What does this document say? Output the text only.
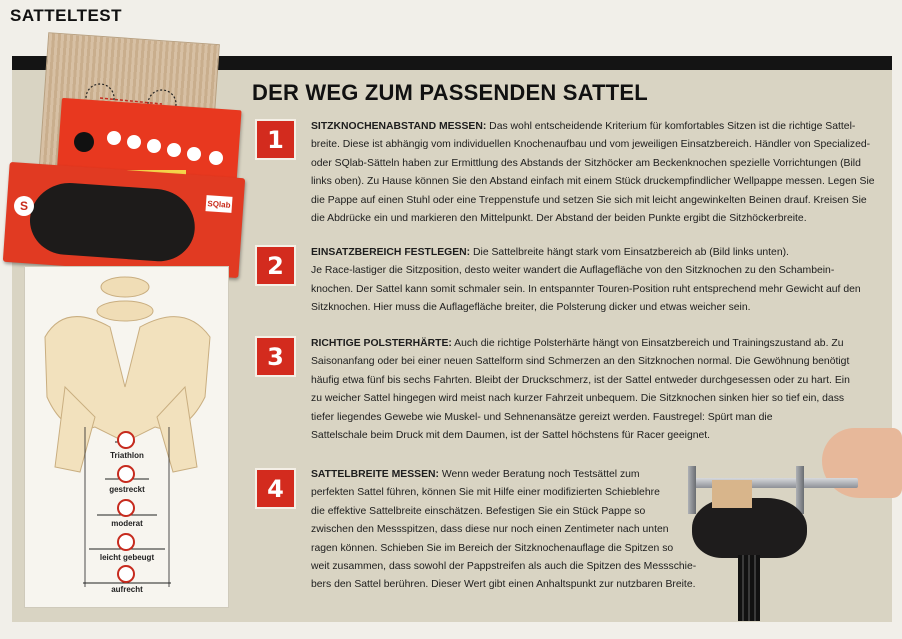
SATTELTEST
S	SQlab
Triathlon
gestreckt
moderat
leicht gebeugt
aufrecht
DER WEG ZUM PASSENDEN SATTEL
1	SITZKNOCHENABSTAND MESSEN: Das wohl entscheidende Kriterium für komfortables Sitzen ist die richtige Sattel-
breite. Diese ist abhängig vom individuellen Knochenaufbau und vom jeweiligen Einsatzbereich. Händler von Specialized-
oder SQlab-Sätteln haben zur Ermittlung des Abstands der Sitzhöcker am Beckenknochen spezielle Vorrichtungen (Bild
links oben). Zu Hause können Sie den Abstand einfach mit einem Stück druckempfindlicher Wellpappe messen. Legen Sie
die Pappe auf einen Stuhl oder eine Treppenstufe und setzen Sie sich mit leicht angewinkelten Beinen drauf. Kreisen Sie
die Abdrücke ein und markieren den Mittelpunkt. Der Abstand der beiden Punkte ergibt die Sitzhöckerbreite.
2	EINSATZBEREICH FESTLEGEN: Die Sattelbreite hängt stark vom Einsatzbereich ab (Bild links unten).
Je Race-lastiger die Sitzposition, desto weiter wandert die Auflagefläche von den Sitzknochen zu den Schambein-
knochen. Der Sattel kann somit schmaler sein. In entspannter Touren-Position ruht entsprechend mehr Gewicht auf den
Sitzknochen. Hier muss die Auflagefläche breiter, die Polsterung dicker und etwas weicher sein.
3	RICHTIGE POLSTERHÄRTE: Auch die richtige Polsterhärte hängt von Einsatzbereich und Trainingszustand ab. Zu
Saisonanfang oder bei einer neuen Sattelform sind Schmerzen an den Sitzknochen normal. Die Gewöhnung benötigt
häufig etwa fünf bis sechs Fahrten. Bleibt der Druckschmerz, ist der Sattel entweder durchgesessen oder zu hart. Ein
zu weicher Sattel hingegen wird meist nach kurzer Fahrzeit unbequem. Die Sitzknochen sinken hier so tief ein, dass
tiefer liegendes Gewebe wie Muskel- und Sehnenansätze gereizt werden. Faustregel: Spürt man die
Sattelschale beim Druck mit dem Daumen, ist der Sattel höchstens für Racer geeignet.
4	SATTELBREITE MESSEN: Wenn weder Beratung noch Testsättel zum
perfekten Sattel führen, können Sie mit Hilfe einer modifizierten Schieblehre
die effektive Sattelbreite einschätzen. Befestigen Sie ein Stück Pappe so
zwischen den Messspitzen, dass diese nur noch einen Zentimeter nach unten
ragen können. Schieben Sie im Bereich der Sitzknochenauflage die Spitzen so
weit zusammen, dass sowohl der Pappstreifen als auch die Spitzen des Messschie-
bers den Sattel berühren. Dieser Wert gibt einen Anhaltspunkt zur nutzbaren Breite.
